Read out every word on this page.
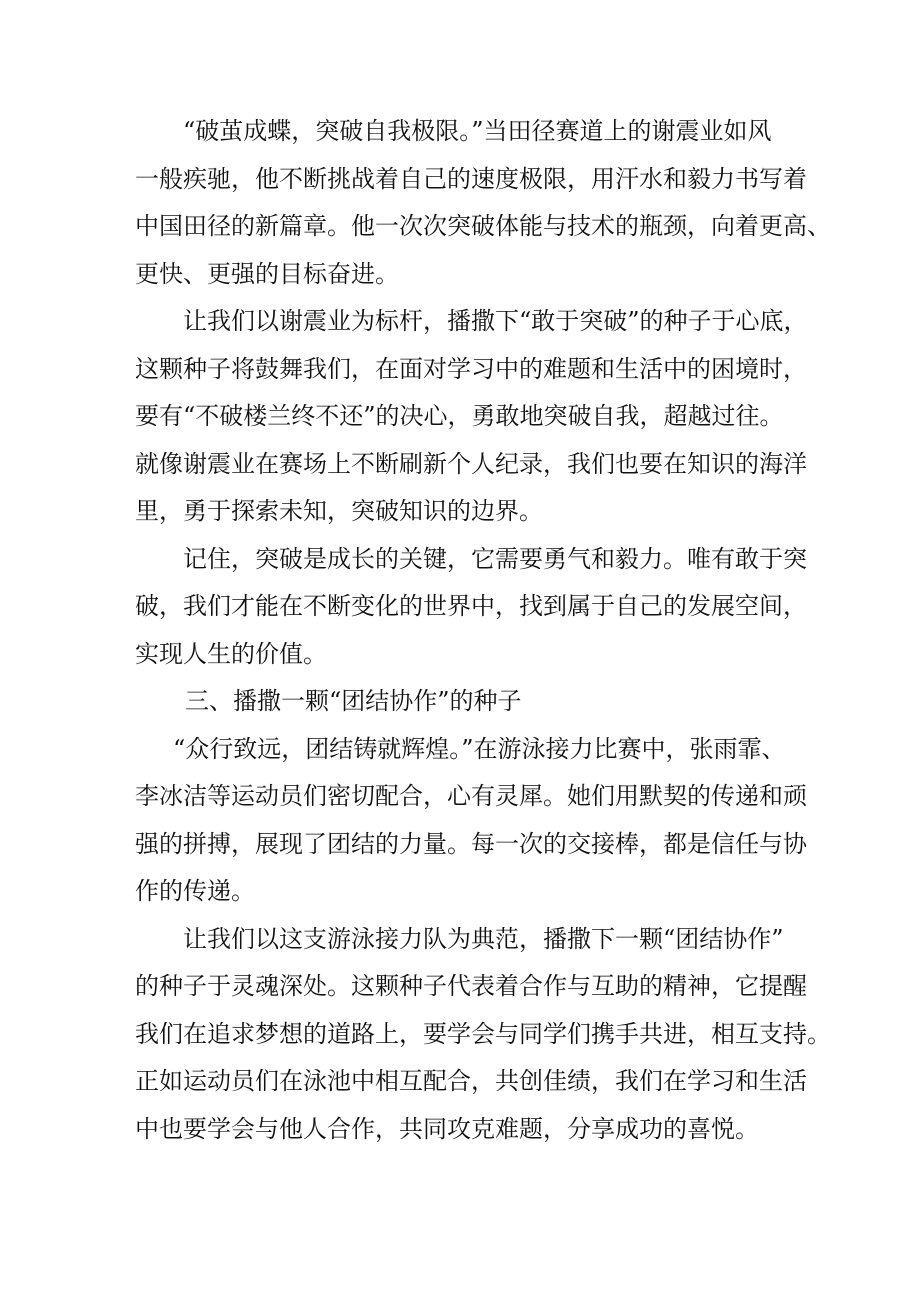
“破茧成蝶，突破自我极限。”当田径赛道上的谢震业如风
一般疾驰，他不断挑战着自己的速度极限，用汗水和毅力书写着
中国田径的新篇章。他一次次突破体能与技术的瓶颈，向着更高、
更快、更强的目标奋进。
让我们以谢震业为标杆，播撒下“敢于突破”的种子于心底，
这颗种子将鼓舞我们，在面对学习中的难题和生活中的困境时，
要有“不破楼兰终不还”的决心，勇敢地突破自我，超越过往。
就像谢震业在赛场上不断刷新个人纪录，我们也要在知识的海洋
里，勇于探索未知，突破知识的边界。
记住，突破是成长的关键，它需要勇气和毅力。唯有敢于突
破，我们才能在不断变化的世界中，找到属于自己的发展空间，
实现人生的价值。
三、播撒一颗“团结协作”的种子
“众行致远，团结铸就辉煌。”在游泳接力比赛中，张雨霏、
李冰洁等运动员们密切配合，心有灵犀。她们用默契的传递和顽
强的拼搏，展现了团结的力量。每一次的交接棒，都是信任与协
作的传递。
让我们以这支游泳接力队为典范，播撒下一颗“团结协作”
的种子于灵魂深处。这颗种子代表着合作与互助的精神，它提醒
我们在追求梦想的道路上，要学会与同学们携手共进，相互支持。
正如运动员们在泳池中相互配合，共创佳绩，我们在学习和生活
中也要学会与他人合作，共同攻克难题，分享成功的喜悦。
